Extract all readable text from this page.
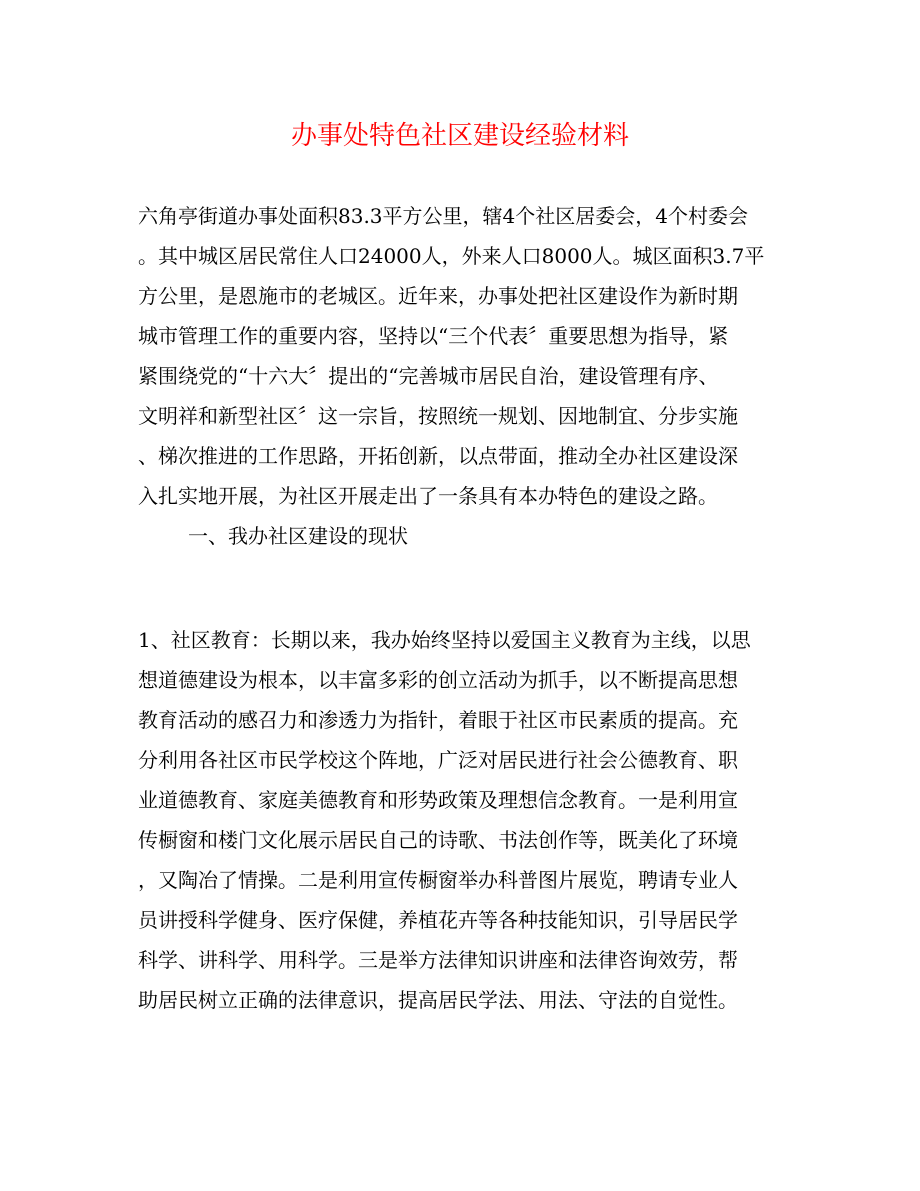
办事处特色社区建设经验材料
六角亭街道办事处面积83.3平方公里，辖4个社区居委会，4个村委会
。其中城区居民常住人口24000人，外来人口8000人。城区面积3.7平
方公里，是恩施市的老城区。近年来，办事处把社区建设作为新时期
城市管理工作的重要内容，坚持以“三个代表〞重要思想为指导，紧
紧围绕党的“十六大〞提出的“完善城市居民自治，建设管理有序、
文明祥和新型社区〞这一宗旨，按照统一规划、因地制宜、分步实施
、梯次推进的工作思路，开拓创新，以点带面，推动全办社区建设深
入扎实地开展，为社区开展走出了一条具有本办特色的建设之路。
一、我办社区建设的现状
1、社区教育：长期以来，我办始终坚持以爱国主义教育为主线，以思
想道德建设为根本，以丰富多彩的创立活动为抓手，以不断提高思想
教育活动的感召力和渗透力为指针，着眼于社区市民素质的提高。充
分利用各社区市民学校这个阵地，广泛对居民进行社会公德教育、职
业道德教育、家庭美德教育和形势政策及理想信念教育。一是利用宣
传橱窗和楼门文化展示居民自己的诗歌、书法创作等，既美化了环境
，又陶冶了情操。二是利用宣传橱窗举办科普图片展览，聘请专业人
员讲授科学健身、医疗保健，养植花卉等各种技能知识，引导居民学
科学、讲科学、用科学。三是举方法律知识讲座和法律咨询效劳，帮
助居民树立正确的法律意识，提高居民学法、用法、守法的自觉性。
